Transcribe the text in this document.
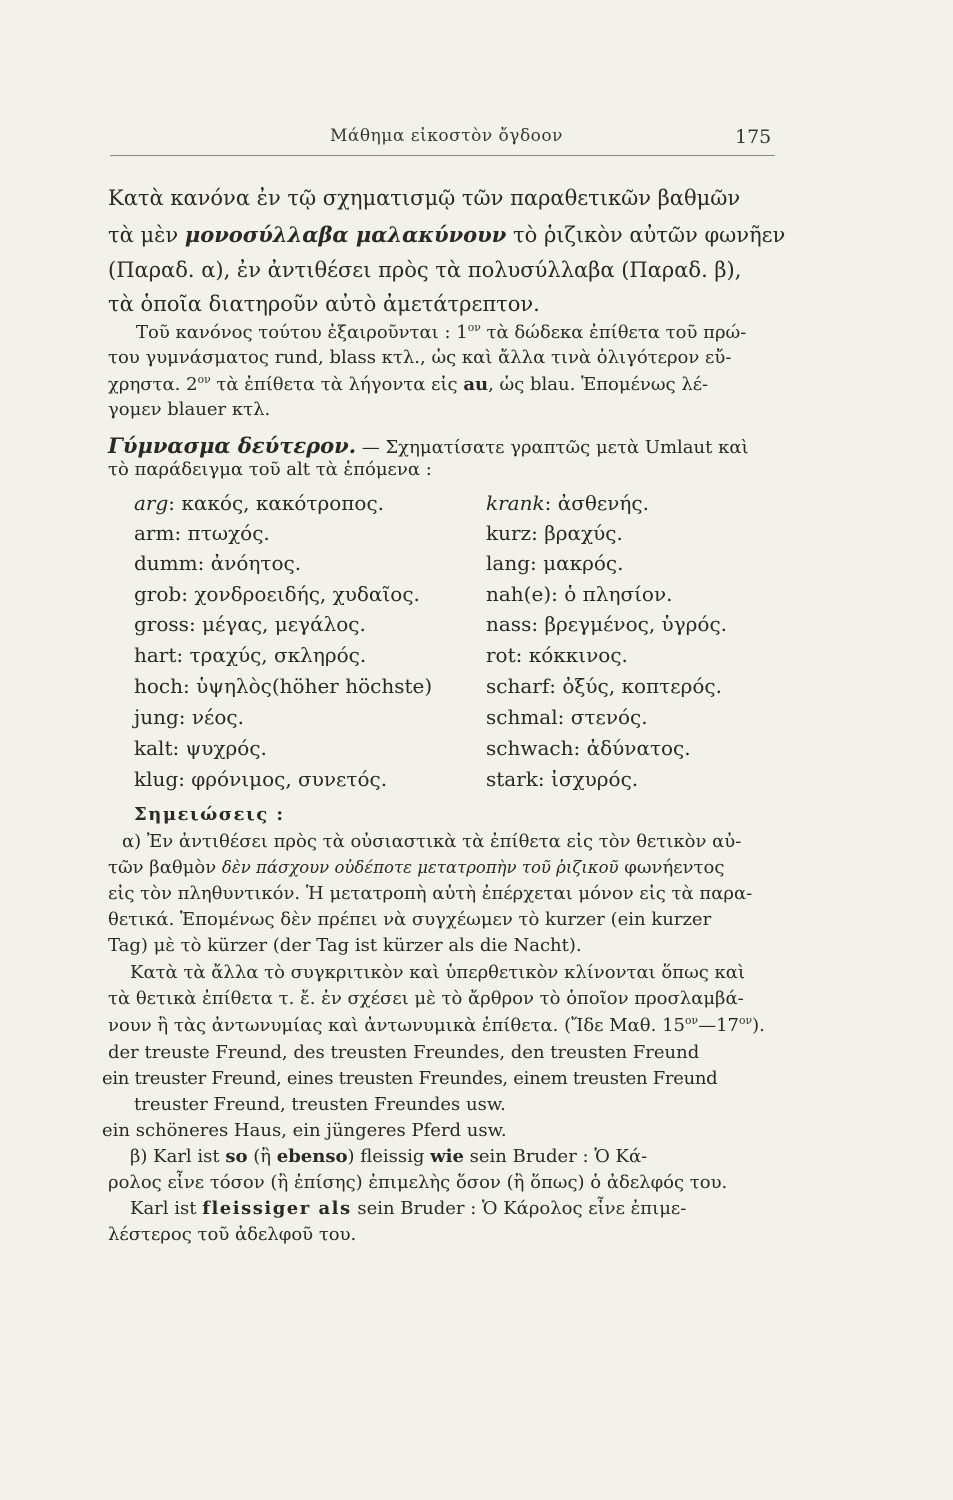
Μάθημα εἰκοστὸν ὄγδοον	175
Κατὰ κανόνα ἐν τῷ σχηματισμῷ τῶν παραθετικῶν βαθμῶν
τὰ μὲν μονοσύλλαβα μαλακύνουν τὸ ῥιζικὸν αὐτῶν φωνῆεν
(Παραδ. α), ἐν ἀντιθέσει πρὸς τὰ πολυσύλλαβα (Παραδ. β),
τὰ ὁποῖα διατηροῦν αὐτὸ ἀμετάτρεπτον.
Τοῦ κανόνος τούτου ἐξαιροῦνται : $1^{o\nu}$ τὰ δώδεκα ἐπίθετα τοῦ πρώ-
του γυμνάσματος rund, blass κτλ., ὡς καὶ ἄλλα τινὰ ὀλιγότερον εὔ-
χρηστα. $2^{o\nu}$ τὰ ἐπίθετα τὰ λήγοντα εἰς au, ὡς blau. Ἑπομένως λέ-
γομεν blauer κτλ.
Γύμνασμα δεύτερον. — Σχηματίσατε γραπτῶς μετὰ Umlaut καὶ
τὸ παράδειγμα τοῦ alt τὰ ἑπόμενα :
arg: κακός, κακότροπος.
arm: πτωχός.
dumm: ἀνόητος.
grob: χονδροειδής, χυδαῖος.
gross: μέγας, μεγάλος.
hart: τραχύς, σκληρός.
hoch: ὑψηλὸς(höher höchste)
jung: νέος.
kalt: ψυχρός.
klug: φρόνιμος, συνετός.
krank: ἀσθενής.
kurz: βραχύς.
lang: μακρός.
nah(e): ὁ πλησίον.
nass: βρεγμένος, ὑγρός.
rot: κόκκινος.
scharf: ὀξύς, κοπτερός.
schmal: στενός.
schwach: ἀδύνατος.
stark: ἰσχυρός.
Σημειώσεις :
α) Ἐν ἀντιθέσει πρὸς τὰ οὐσιαστικὰ τὰ ἐπίθετα εἰς τὸν θετικὸν αὐ-
τῶν βαθμὸν δὲν πάσχουν οὐδέποτε μετατροπὴν τοῦ ῥιζικοῦ φωνήεντος
εἰς τὸν πληθυντικόν. Ἡ μετατροπὴ αὐτὴ ἐπέρχεται μόνον εἰς τὰ παρα-
θετικά. Ἑπομένως δὲν πρέπει νὰ συγχέωμεν τὸ kurzer (ein kurzer
Tag) μὲ τὸ kürzer (der Tag ist kürzer als die Nacht).
Κατὰ τὰ ἄλλα τὸ συγκριτικὸν καὶ ὑπερθετικὸν κλίνονται ὅπως καὶ
τὰ θετικὰ ἐπίθετα τ. ἔ. ἐν σχέσει μὲ τὸ ἄρθρον τὸ ὁποῖον προσλαμβά-
νουν ἢ τὰς ἀντωνυμίας καὶ ἀντωνυμικὰ ἐπίθετα. (Ἴδε Μαθ. $15^{o\nu}—17^{o\nu}$).
der treuste Freund, des treusten Freundes, den treusten Freund
ein treuster Freund, eines treusten Freundes, einem treusten Freund
treuster Freund, treusten Freundes usw.
ein schöneres Haus, ein jüngeres Pferd usw.
β) Karl ist so (ἢ ebenso) fleissig wie sein Bruder : Ὁ Κά-
ρολος εἶνε τόσον (ἢ ἐπίσης) ἐπιμελὴς ὅσον (ἢ ὅπως) ὁ ἀδελφός του.
Karl ist fleissiger als sein Bruder : Ὁ Κάρολος εἶνε ἐπιμε-
λέστερος τοῦ ἀδελφοῦ του.
